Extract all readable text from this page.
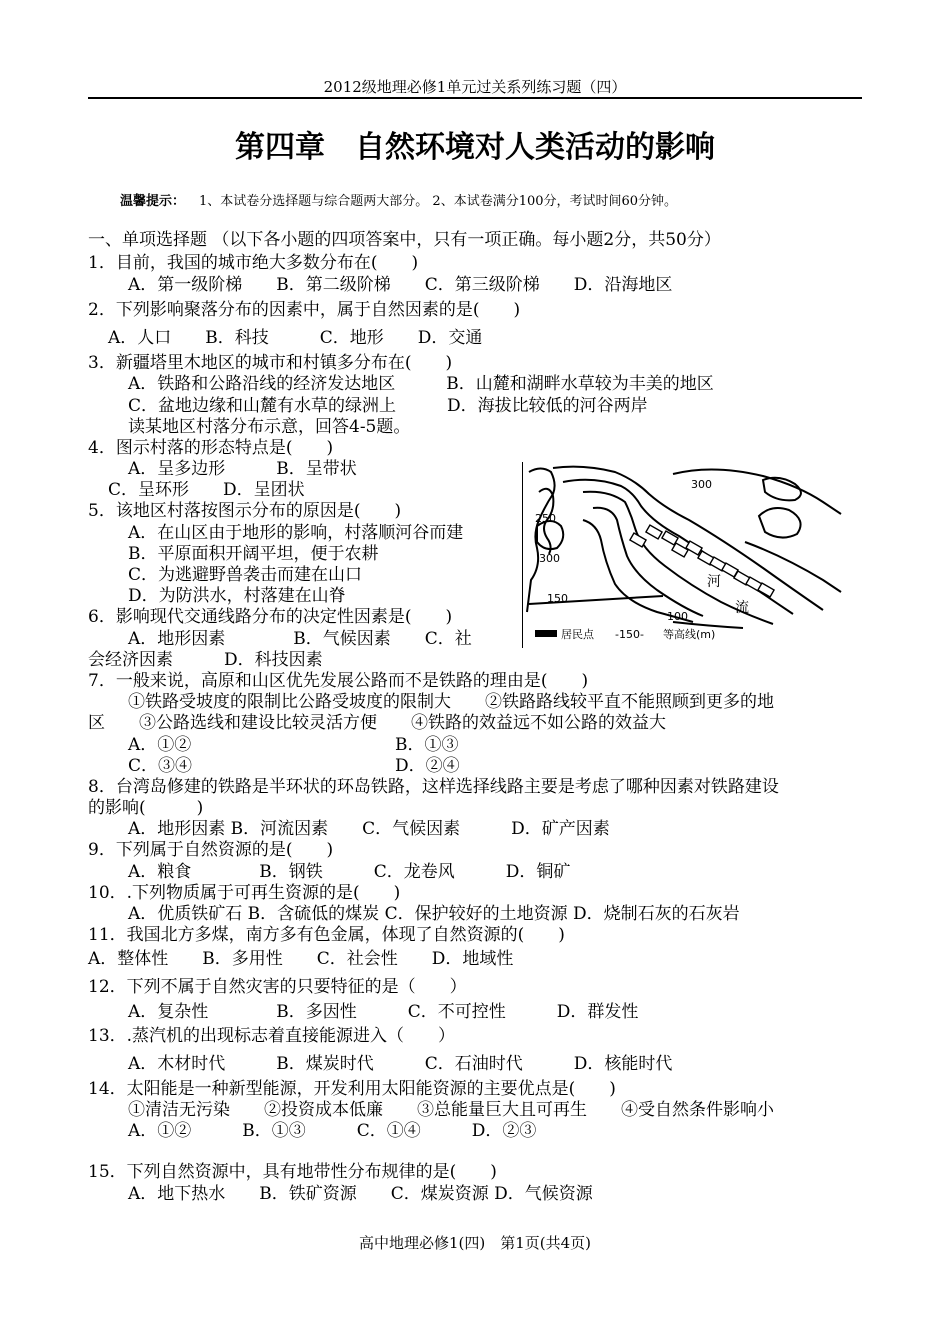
2012级地理必修1单元过关系列练习题（四）
第四章　自然环境对人类活动的影响
温馨提示： 1、本试卷分选择题与综合题两大部分。 2、本试卷满分100分，考试时间60分钟。
一、单项选择题 （以下各小题的四项答案中，只有一项正确。每小题2分，共50分）
1．目前，我国的城市绝大多数分布在(　　)
A．第一级阶梯　　B．第二级阶梯　　C．第三级阶梯　　D．沿海地区
2．下列影响聚落分布的因素中，属于自然因素的是(　　)
A．人口　　B．科技　　　C．地形　　D．交通
3．新疆塔里木地区的城市和村镇多分布在(　　)
A．铁路和公路沿线的经济发达地区　　　B．山麓和湖畔水草较为丰美的地区
C．盆地边缘和山麓有水草的绿洲上　　　D．海拔比较低的河谷两岸
读某地区村落分布示意，回答4-5题。
4．图示村落的形态特点是(　　)
A．呈多边形　　　B．呈带状
C．呈环形　　D．呈团状
5．该地区村落按图示分布的原因是(　　)
A．在山区由于地形的影响，村落顺河谷而建
B．平原面积开阔平坦，便于农耕
C．为逃避野兽袭击而建在山口
D．为防洪水，村落建在山脊
6．影响现代交通线路分布的决定性因素是(　　)
A．地形因素　　　　B．气候因素　　C．社
会经济因素　　　D．科技因素
7．一般来说，高原和山区优先发展公路而不是铁路的理由是(　　)
①铁路受坡度的限制比公路受坡度的限制大　　②铁路路线较平直不能照顾到更多的地
区　　③公路选线和建设比较灵活方便　　④铁路的效益远不如公路的效益大
A．①②	B．①③
C．③④	D．②④
8．台湾岛修建的铁路是半环状的环岛铁路，这样选择线路主要是考虑了哪种因素对铁路建设
的影响(　　　)
A．地形因素 B．河流因素　　C．气候因素　　　D．矿产因素
9．下列属于自然资源的是(　　)
A．粮食　　　　B．钢铁　　　C．龙卷风　　　D．铜矿
10．.下列物质属于可再生资源的是(　　)
A．优质铁矿石 B．含硫低的煤炭 C．保护较好的土地资源 D．烧制石灰的石灰岩
11．我国北方多煤，南方多有色金属，体现了自然资源的(　　)
A．整体性　　B．多用性　　C．社会性　　D．地域性
12．下列不属于自然灾害的只要特征的是（　　）
A．复杂性　　　　B．多因性　　　C．不可控性　　　D．群发性
13．.蒸汽机的出现标志着直接能源进入（　　）
A．木材时代　　　B．煤炭时代　　　C．石油时代　　　D．核能时代
14．太阳能是一种新型能源，开发利用太阳能资源的主要优点是(　　)
①清洁无污染　　②投资成本低廉　　③总能量巨大且可再生　　④受自然条件影响小
A．①②　　　B．①③　　　C．①④　　　D．②③
15．下列自然资源中，具有地带性分布规律的是(　　)
A．地下热水　　B．铁矿资源　　C．煤炭资源 D．气候资源
300
250
300
150
100
河
流
居民点 -150- 等高线(m)
高中地理必修1(四)　第1页(共4页)
